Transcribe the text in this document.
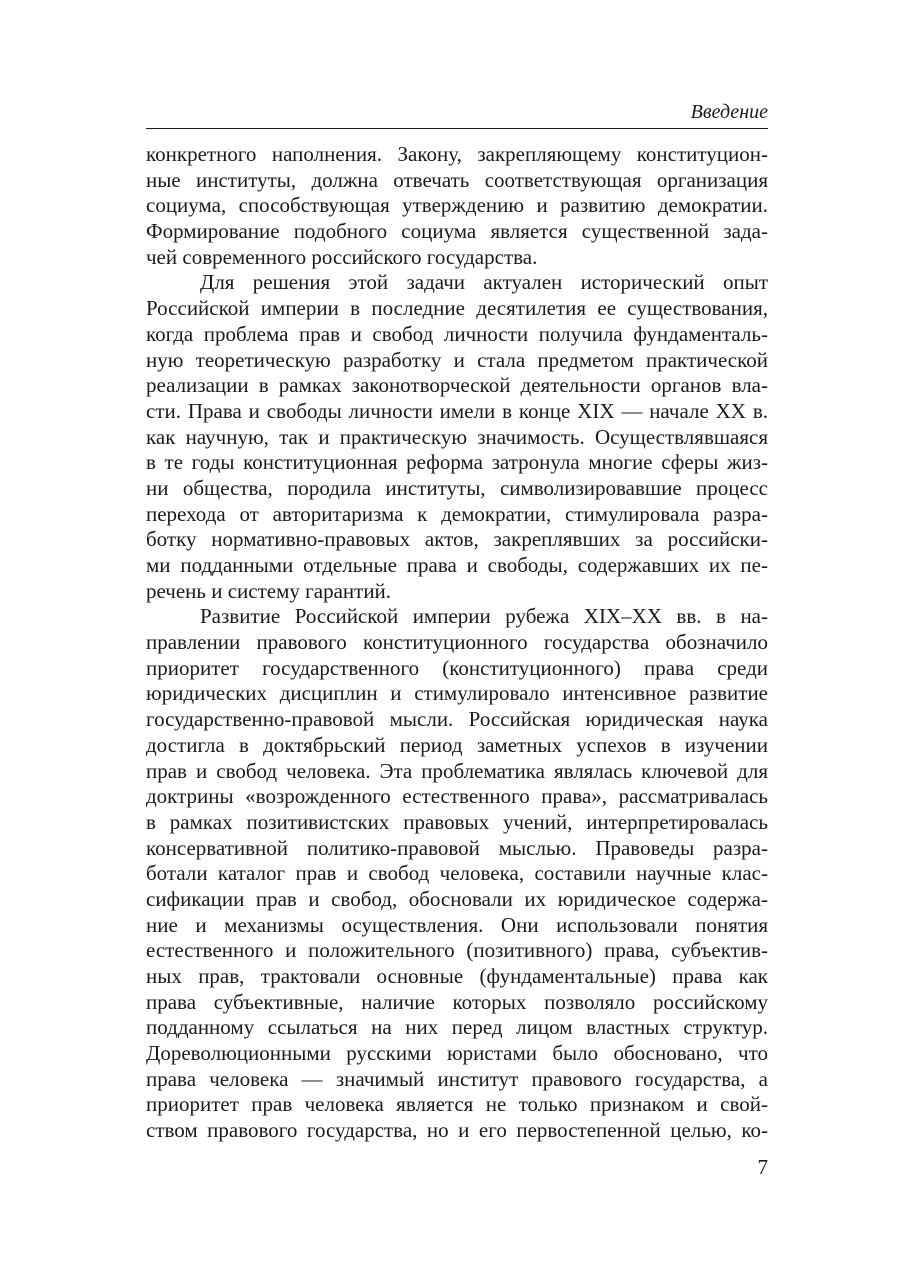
Введение
конкретного наполнения. Закону, закрепляющему конституцион-
ные институты, должна отвечать соответствующая организация
социума, способствующая утверждению и развитию демократии.
Формирование подобного социума является существенной зада-
чей современного российского государства.
Для решения этой задачи актуален исторический опыт
Российской империи в последние десятилетия ее существования,
когда проблема прав и свобод личности получила фундаменталь-
ную теоретическую разработку и стала предметом практической
реализации в рамках законотворческой деятельности органов вла-
сти. Права и свободы личности имели в конце XIX — начале XX в.
как научную, так и практическую значимость. Осуществлявшаяся
в те годы конституционная реформа затронула многие сферы жиз-
ни общества, породила институты, символизировавшие процесс
перехода от авторитаризма к демократии, стимулировала разра-
ботку нормативно-правовых актов, закреплявших за российски-
ми подданными отдельные права и свободы, содержавших их пе-
речень и систему гарантий.
Развитие Российской империи рубежа XIX–XX вв. в на-
правлении правового конституционного государства обозначило
приоритет государственного (конституционного) права среди
юридических дисциплин и стимулировало интенсивное развитие
государственно-правовой мысли. Российская юридическая наука
достигла в доктябрьский период заметных успехов в изучении
прав и свобод человека. Эта проблематика являлась ключевой для
доктрины «возрожденного естественного права», рассматривалась
в рамках позитивистских правовых учений, интерпретировалась
консервативной политико-правовой мыслью. Правоведы разра-
ботали каталог прав и свобод человека, составили научные клас-
сификации прав и свобод, обосновали их юридическое содержа-
ние и механизмы осуществления. Они использовали понятия
естественного и положительного (позитивного) права, субъектив-
ных прав, трактовали основные (фундаментальные) права как
права субъективные, наличие которых позволяло российскому
подданному ссылаться на них перед лицом властных структур.
Дореволюционными русскими юристами было обосновано, что
права человека — значимый институт правового государства, а
приоритет прав человека является не только признаком и свой-
ством правового государства, но и его первостепенной целью, ко-
7
